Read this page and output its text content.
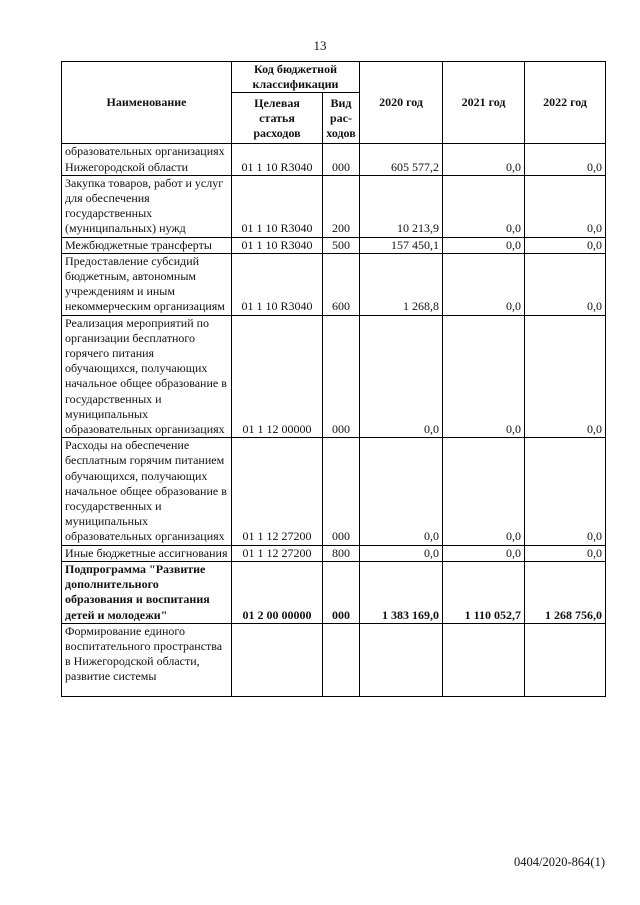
13
Наименование	Код бюджетной классификации		2020 год	2021 год	2022 год
	Целевая статья расходов	Вид рас-ходов			
образовательных организациях Нижегородской области	01 1 10 R3040	000	605 577,2	0,0	0,0
Закупка товаров, работ и услуг для обеспечения государственных (муниципальных) нужд	01 1 10 R3040	200	10 213,9	0,0	0,0
Межбюджетные трансферты	01 1 10 R3040	500	157 450,1	0,0	0,0
Предоставление субсидий бюджетным, автономным учреждениям и иным некоммерческим организациям	01 1 10 R3040	600	1 268,8	0,0	0,0
Реализация мероприятий по организации бесплатного горячего питания обучающихся, получающих начальное общее образование в государственных и муниципальных образовательных организациях	01 1 12 00000	000	0,0	0,0	0,0
Расходы на обеспечение бесплатным горячим питанием обучающихся, получающих начальное общее образование в государственных и муниципальных образовательных организациях	01 1 12 27200	000	0,0	0,0	0,0
Иные бюджетные ассигнования	01 1 12 27200	800	0,0	0,0	0,0
Подпрограмма "Развитие дополнительного образования и воспитания детей и молодежи"	01 2 00 00000	000	1 383 169,0	1 110 052,7	1 268 756,0
Формирование единого воспитательного пространства в Нижегородской области, развитие системы					
0404/2020-864(1)
